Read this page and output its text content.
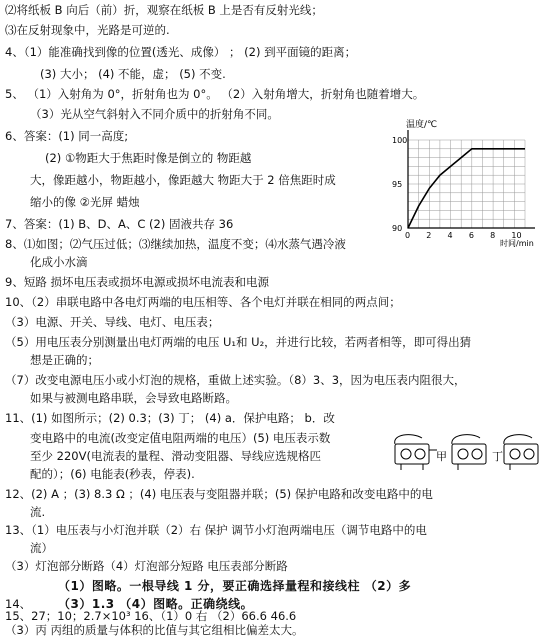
⑵将纸板 B 向后（前）折，观察在纸板 B 上是否有反射光线；
⑶在反射现象中，光路是可逆的.
4、（1）能准确找到像的位置(透光、成像） ； (2) 到平面镜的距离；
(3) 大小； (4) 不能，虚； (5) 不变.
5、 （1）入射角为 0°，折射角也为 0°。 （2）入射角增大，折射角也随着增大。
（3）光从空气斜射入不同介质中的折射角不同。
6、答案：(1) 同一高度;
(2) ①物距大于焦距时像是倒立的 物距越
大，像距越小，物距越小，像距越大 物距大于 2 倍焦距时成
缩小的像 ②光屏 蜡烛
7、答案：(1) B、D、A、C (2) 固液共存 36
8、⑴如图；⑵气压过低；⑶继续加热，温度不变；⑷水蒸气遇冷液
化成小水滴
9、短路 损坏电压表或损坏电源或损坏电流表和电源
10、（2）串联电路中各电灯两端的电压相等、各个电灯并联在相同的两点间；
（3）电源、开关、导线、电灯、电压表；
（5）用电压表分别测量出电灯两端的电压 U₁和 U₂，并进行比较，若两者相等，即可得出猜
想是正确的；
（7）改变电源电压小或小灯泡的规格，重做上述实验。（8）3、3，因为电压表内阻很大，
如果与被测电路串联，会导致电路断路。
11、(1) 如图所示；(2) 0.3；(3) 丁； (4) a．保护电路； b．改
变电路中的电流(改变定值电阻两端的电压）(5) 电压表示数
至少 220V(电流表的量程、滑动变阻器、导线应选规格匹
配的）；(6) 电能表(秒表，停表).
12、(2) A ；(3) 8.3 Ω ；(4) 电压表与变阻器并联；(5) 保护电路和改变电路中的电
流.
13、（1）电压表与小灯泡并联（2）右 保护 调节小灯泡两端电压（调节电路中的电
流）
（3）灯泡部分断路（4）灯泡部分短路 电压表部分断路
（1）图略。一根导线 1 分，要正确选择量程和接线柱 （2）多
14、
0 2 4 6 8 10
90
95
100
温度/℃
时间/min
甲	丁
（3）1.3 （4）图略。正确绕线。
15、27；10；2.7×10³ 16、（1）0 右 （2）66.6 46.6
（3）丙 丙组的质量与体积的比值与其它组相比偏差太大。
